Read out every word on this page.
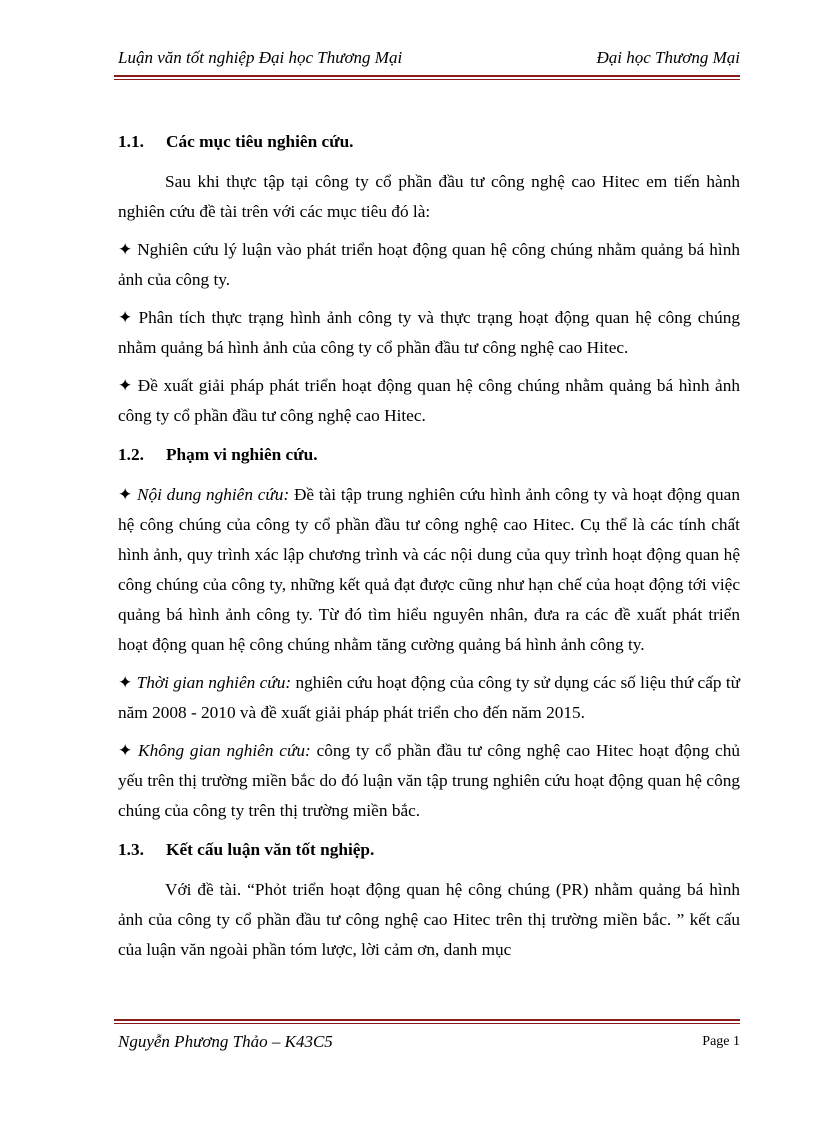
Luận văn tốt nghiệp Đại học Thương Mại	Đại học Thương Mại
1.1. Các mục tiêu nghiên cứu.

Sau khi thực tập tại công ty cổ phần đầu tư công nghệ cao Hitec em tiến hành nghiên cứu đề tài trên với các mục tiêu đó là:

✦ Nghiên cứu lý luận vào phát triển hoạt động quan hệ công chúng nhằm quảng bá hình ảnh của công ty.

✦ Phân tích thực trạng hình ảnh công ty và thực trạng hoạt động quan hệ công chúng nhằm quảng bá hình ảnh của công ty cổ phần đầu tư công nghệ cao Hitec.

✦ Đề xuất giải pháp phát triển hoạt động quan hệ công chúng nhằm quảng bá hình ảnh công ty cổ phần đầu tư công nghệ cao Hitec.

1.2. Phạm vi nghiên cứu.

✦ Nội dung nghiên cứu: Đề tài tập trung nghiên cứu hình ảnh công ty và hoạt động quan hệ công chúng của công ty cổ phần đầu tư công nghệ cao Hitec. Cụ thể là các tính chất hình ảnh, quy trình xác lập chương trình và các nội dung của quy trình hoạt động quan hệ công chúng của công ty, những kết quả đạt được cũng như hạn chế của hoạt động tới việc quảng bá hình ảnh công ty. Từ đó tìm hiểu nguyên nhân, đưa ra các đề xuất phát triển hoạt động quan hệ công chúng nhằm tăng cường quảng bá hình ảnh công ty.

✦ Thời gian nghiên cứu: nghiên cứu hoạt động của công ty sử dụng các số liệu thứ cấp từ năm 2008 - 2010 và đề xuất giải pháp phát triển cho đến năm 2015.

✦ Không gian nghiên cứu: công ty cổ phần đầu tư công nghệ cao Hitec hoạt động chủ yếu trên thị trường miền bắc do đó luận văn tập trung nghiên cứu hoạt động quan hệ công chúng của công ty trên thị trường miền bắc.

1.3. Kết cấu luận văn tốt nghiệp.

Với đề tài. “Phỏt triển hoạt động quan hệ công chúng (PR) nhằm quảng bá hình ảnh của công ty cổ phần đầu tư công nghệ cao Hitec trên thị trường miền bắc. ” kết cấu của luận văn ngoài phần tóm lược, lời cảm ơn, danh mục

Nguyễn Phương Thảo – K43C5	Page 1
